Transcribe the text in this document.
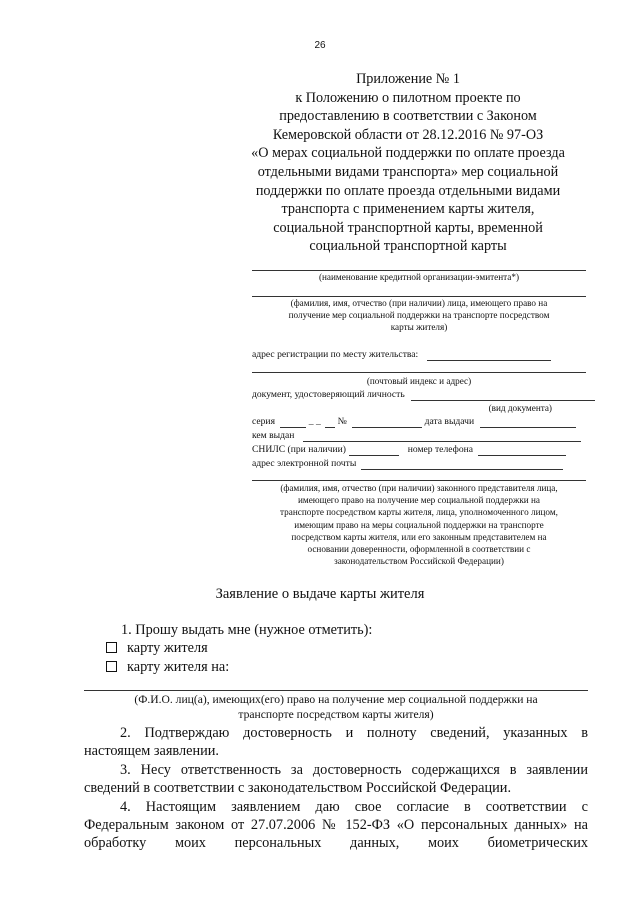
26
Приложение № 1
к Положению о пилотном проекте по
предоставлению в соответствии с Законом
Кемеровской области от 28.12.2016 № 97-ОЗ
«О мерах социальной поддержки по оплате проезда
отдельными видами транспорта» мер социальной
поддержки по оплате проезда отдельными видами
транспорта с применением карты жителя,
социальной транспортной карты, временной
социальной транспортной карты
(наименование кредитной организации-эмитента*)
(фамилия, имя, отчество (при наличии) лица, имеющего право на
получение мер социальной поддержки на транспорте посредством
карты жителя)
адрес регистрации по месту жительства:
(почтовый индекс и адрес)
документ, удостоверяющий личность
(вид документа)
серия	_ _ №	дата выдачи
кем выдан
СНИЛС (при наличии)	номер телефона
адрес электронной почты
(фамилия, имя, отчество (при наличии) законного представителя лица,
имеющего право на получение мер социальной поддержки на
транспорте посредством карты жителя, лица, уполномоченного лицом,
имеющим право на меры социальной поддержки на транспорте
посредством карты жителя, или его законным представителем на
основании доверенности, оформленной в соответствии с
законодательством Российской Федерации)
Заявление о выдаче карты жителя
1. Прошу выдать мне (нужное отметить):
карту жителя
карту жителя на:
(Ф.И.О. лиц(а), имеющих(его) право на получение мер социальной поддержки на
транспорте посредством карты жителя)
2. Подтверждаю достоверность и полноту сведений, указанных в
настоящем заявлении.
3. Несу ответственность за достоверность содержащихся в заявлении
сведений в соответствии с законодательством Российской Федерации.
4. Настоящим заявлением даю свое согласие в соответствии с
Федеральным законом от 27.07.2006 № 152-ФЗ «О персональных данных» на
обработку моих персональных данных, моих биометрических
